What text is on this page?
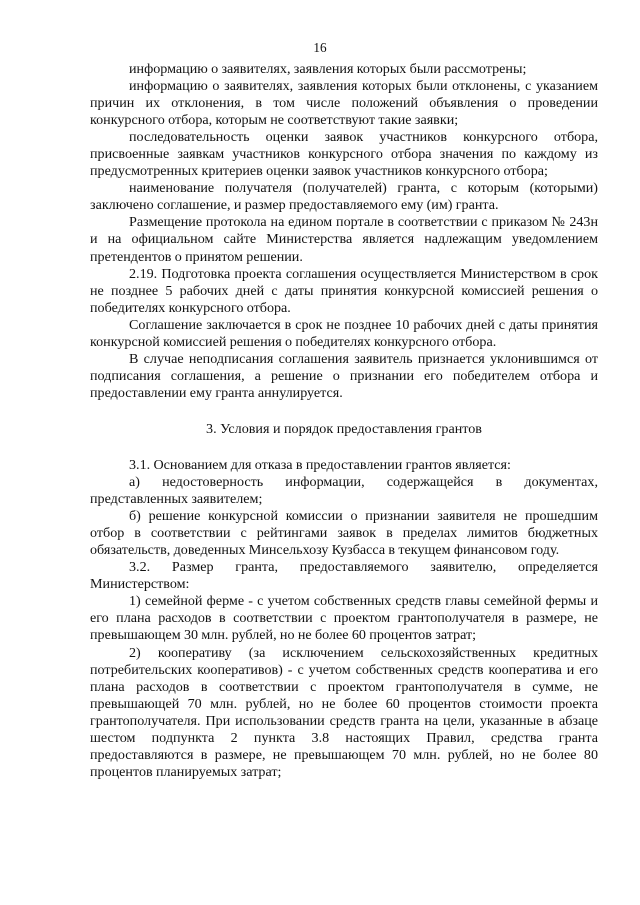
16

информацию о заявителях, заявления которых были рассмотрены;

информацию о заявителях, заявления которых были отклонены, с указанием причин их отклонения, в том числе положений объявления о проведении конкурсного отбора, которым не соответствуют такие заявки;

последовательность оценки заявок участников конкурсного отбора, присвоенные заявкам участников конкурсного отбора значения по каждому из предусмотренных критериев оценки заявок участников конкурсного отбора;

наименование получателя (получателей) гранта, с которым (которыми) заключено соглашение, и размер предоставляемого ему (им) гранта.

Размещение протокола на едином портале в соответствии с приказом № 243н и на официальном сайте Министерства является надлежащим уведомлением претендентов о принятом решении.

2.19. Подготовка проекта соглашения осуществляется Министерством в срок не позднее 5 рабочих дней с даты принятия конкурсной комиссией решения о победителях конкурсного отбора.

Соглашение заключается в срок не позднее 10 рабочих дней с даты принятия конкурсной комиссией решения о победителях конкурсного отбора.

В случае неподписания соглашения заявитель признается уклонившимся от подписания соглашения, а решение о признании его победителем отбора и предоставлении ему гранта аннулируется.

3. Условия и порядок предоставления грантов

3.1. Основанием для отказа в предоставлении грантов является:

а) недостоверность информации, содержащейся в документах, представленных заявителем;

б) решение конкурсной комиссии о признании заявителя не прошедшим отбор в соответствии с рейтингами заявок в пределах лимитов бюджетных обязательств, доведенных Минсельхозу Кузбасса в текущем финансовом году.

3.2. Размер гранта, предоставляемого заявителю, определяется Министерством:

1) семейной ферме - с учетом собственных средств главы семейной фермы и его плана расходов в соответствии с проектом грантополучателя в размере, не превышающем 30 млн. рублей, но не более 60 процентов затрат;

2) кооперативу (за исключением сельскохозяйственных кредитных потребительских кооперативов) - с учетом собственных средств кооператива и его плана расходов в соответствии с проектом грантополучателя в сумме, не превышающей 70 млн. рублей, но не более 60 процентов стоимости проекта грантополучателя. При использовании средств гранта на цели, указанные в абзаце шестом подпункта 2 пункта 3.8 настоящих Правил, средства гранта предоставляются в размере, не превышающем 70 млн. рублей, но не более 80 процентов планируемых затрат;
